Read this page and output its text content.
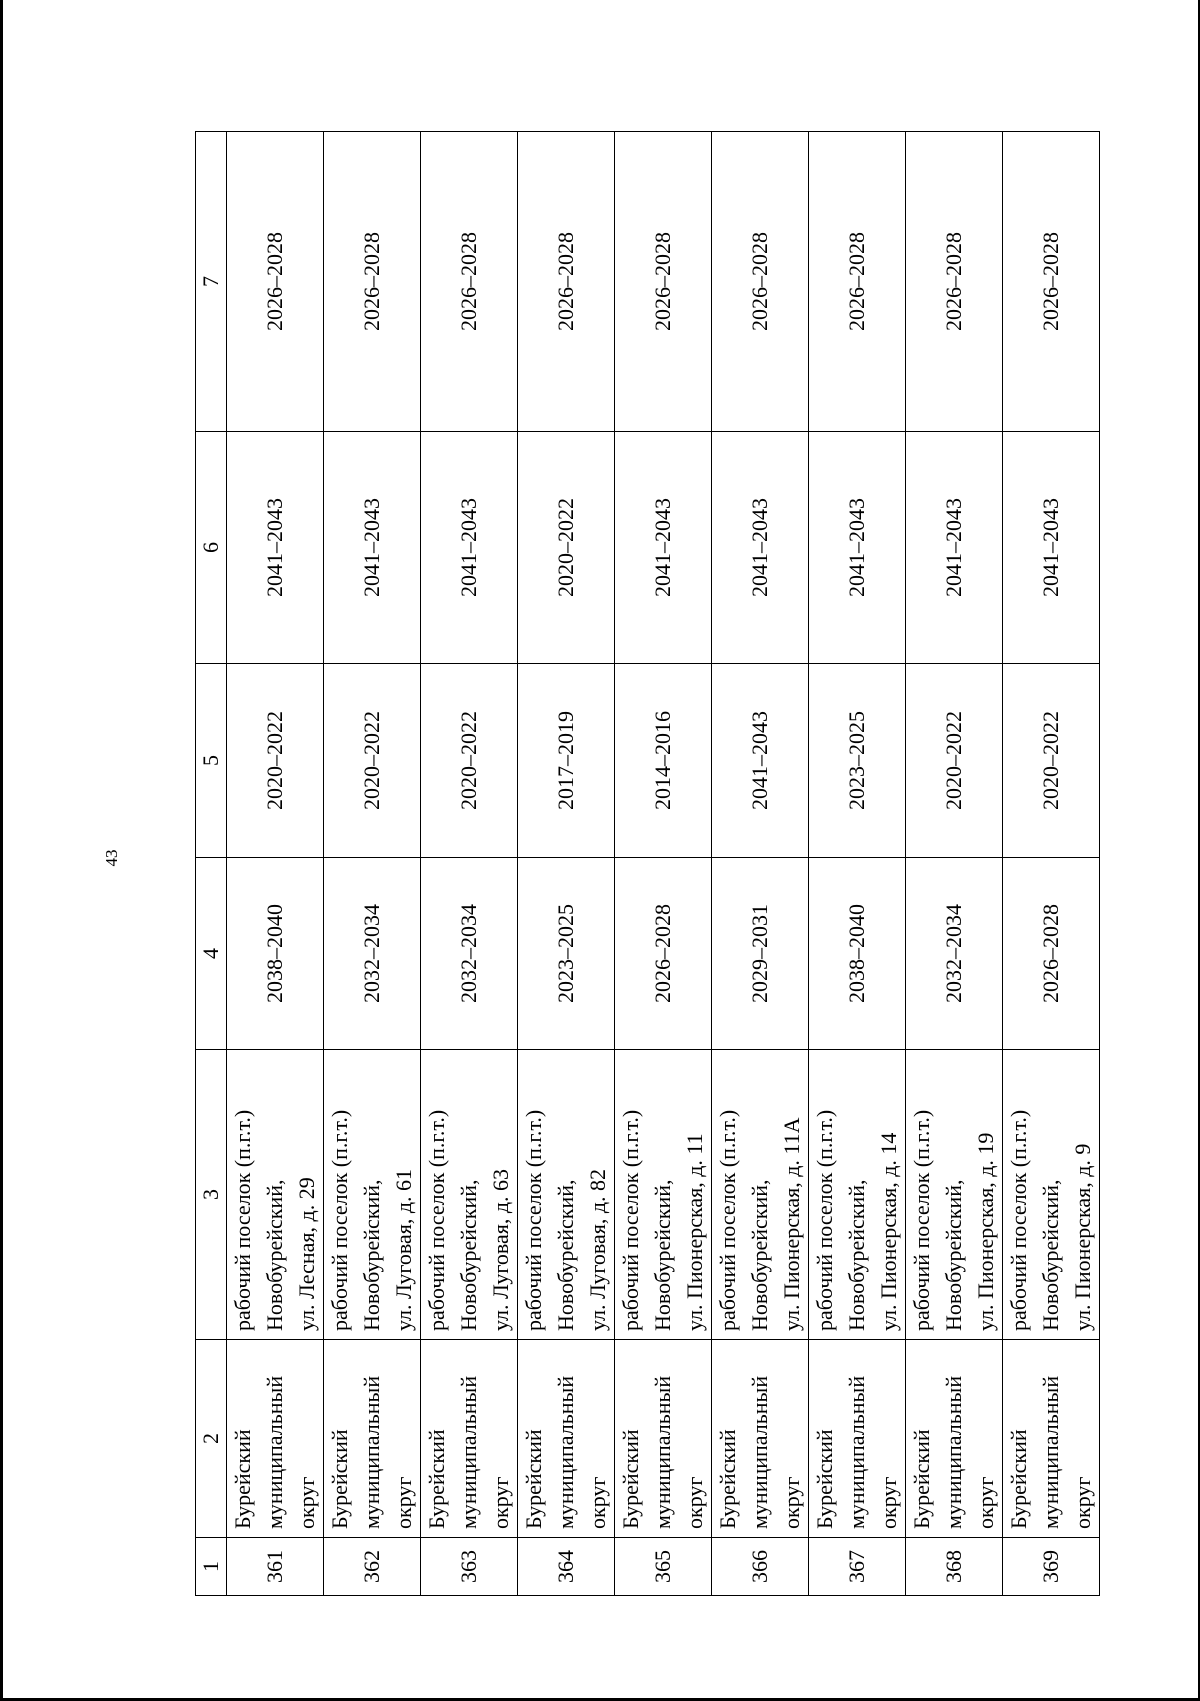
43
1	2	3	4	5	6	7
361	Бурейский муниципальный округ	рабочий поселок (п.г.т.) Новобурейский, ул. Лесная, д. 29	2038–2040	2020–2022	2041–2043	2026–2028
362	Бурейский муниципальный округ	рабочий поселок (п.г.т.) Новобурейский, ул. Луговая, д. 61	2032–2034	2020–2022	2041–2043	2026–2028
363	Бурейский муниципальный округ	рабочий поселок (п.г.т.) Новобурейский, ул. Луговая, д. 63	2032–2034	2020–2022	2041–2043	2026–2028
364	Бурейский муниципальный округ	рабочий поселок (п.г.т.) Новобурейский, ул. Луговая, д. 82	2023–2025	2017–2019	2020–2022	2026–2028
365	Бурейский муниципальный округ	рабочий поселок (п.г.т.) Новобурейский, ул. Пионерская, д. 11	2026–2028	2014–2016	2041–2043	2026–2028
366	Бурейский муниципальный округ	рабочий поселок (п.г.т.) Новобурейский, ул. Пионерская, д. 11А	2029–2031	2041–2043	2041–2043	2026–2028
367	Бурейский муниципальный округ	рабочий поселок (п.г.т.) Новобурейский, ул. Пионерская, д. 14	2038–2040	2023–2025	2041–2043	2026–2028
368	Бурейский муниципальный округ	рабочий поселок (п.г.т.) Новобурейский, ул. Пионерская, д. 19	2032–2034	2020–2022	2041–2043	2026–2028
369	Бурейский муниципальный округ	рабочий поселок (п.г.т.) Новобурейский, ул. Пионерская, д. 9	2026–2028	2020–2022	2041–2043	2026–2028
